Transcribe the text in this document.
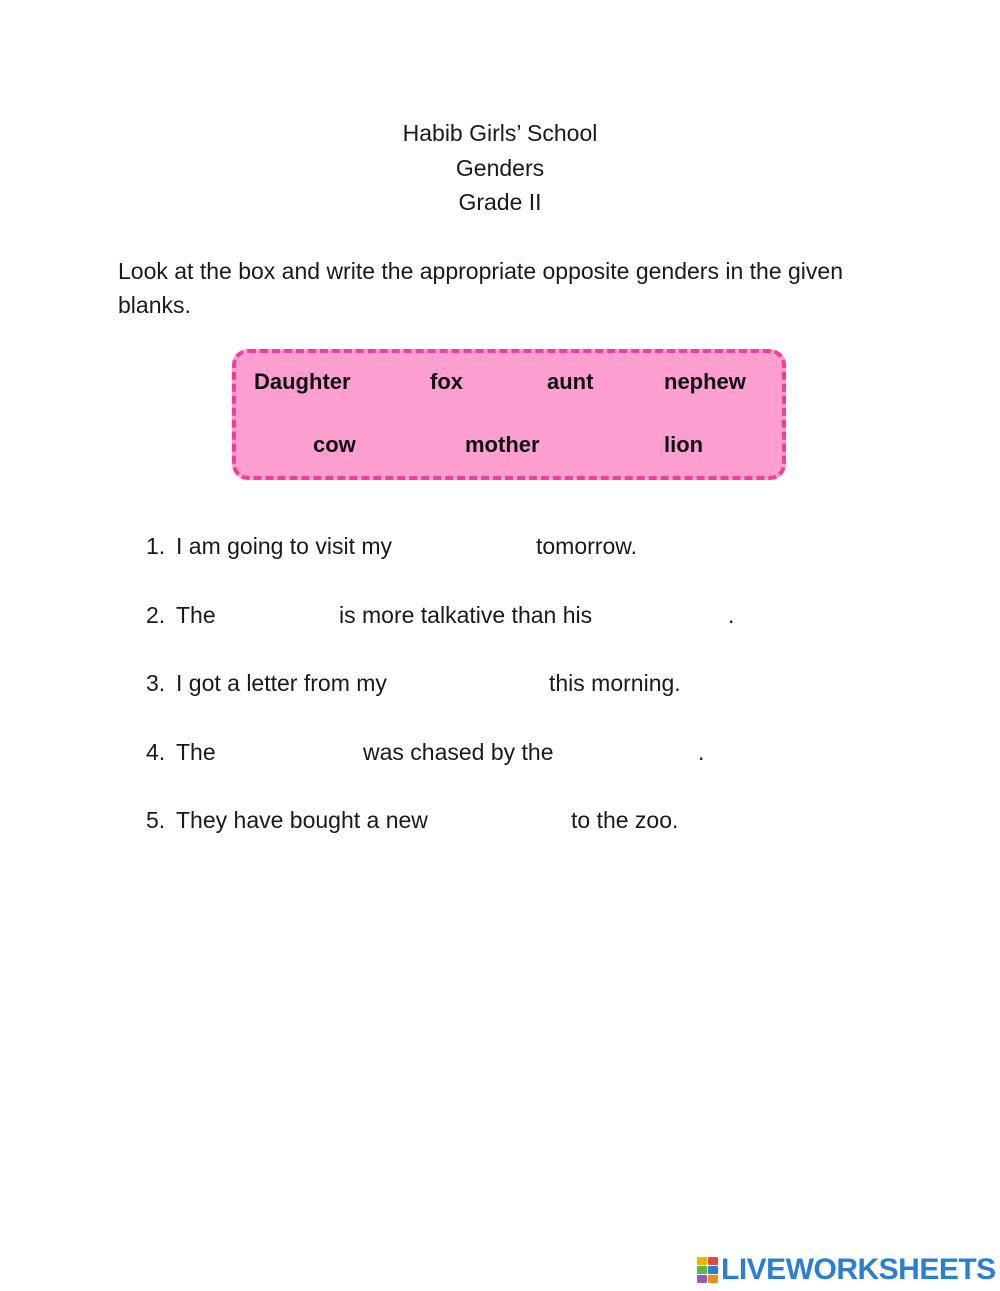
Habib Girls’ School
Genders
Grade II
Look at the box and write the appropriate opposite genders in the given blanks.
Daughter	fox	aunt	nephew
cow	mother	lion
1. I am going to visit my	tomorrow.
2. The	is more talkative than his	.
3. I got a letter from my	this morning.
4. The	was chased by the	.
5. They have bought a new	to the zoo.
LIVEWORKSHEETS
